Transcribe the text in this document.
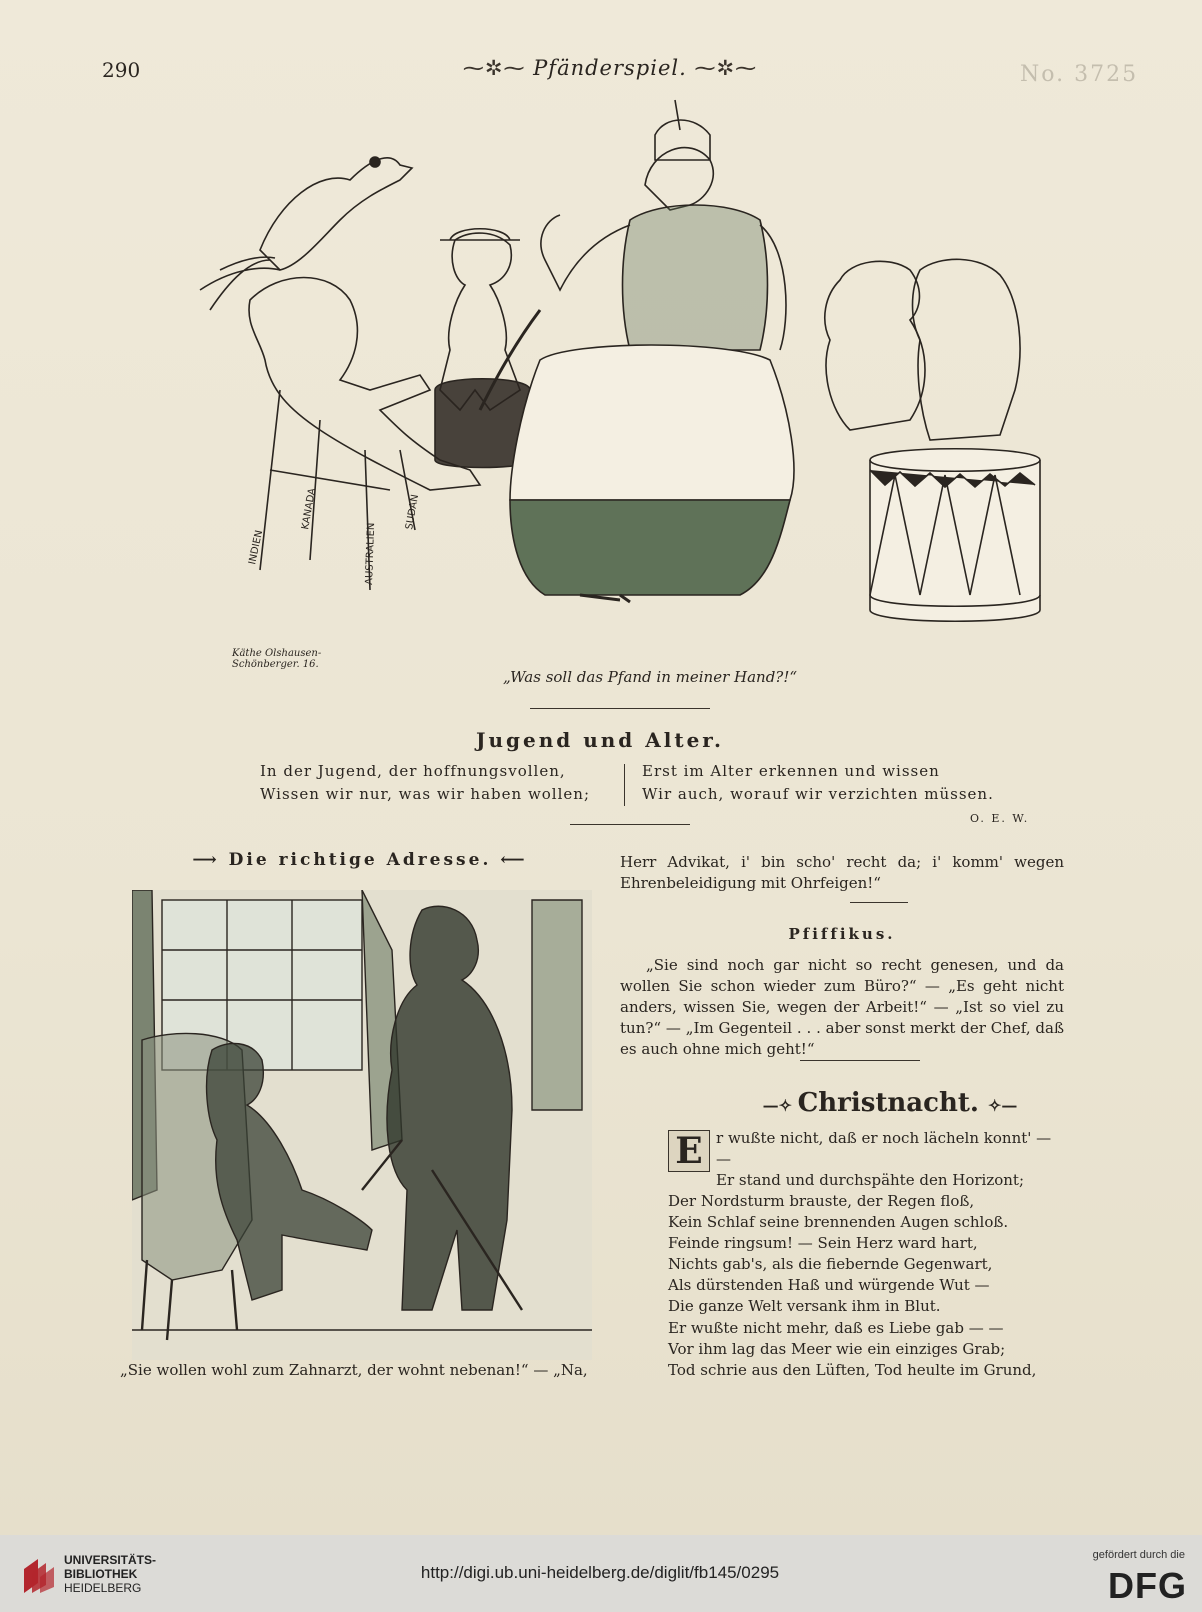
290	⁓✲⁓ Pfänderspiel. ⁓✲⁓	No. 3725
INDIEN
KANADA
AUSTRALIEN
SUDAN
Käthe Olshausen-
Schönberger. 16.
„Was soll das Pfand in meiner Hand?!“
Jugend und Alter.
In der Jugend, der hoffnungsvollen,
Wissen wir nur, was wir haben wollen;
Erst im Alter erkennen und wissen
Wir auch, worauf wir verzichten müssen.
O. E. W.
⟶ Die richtige Adresse. ⟵
„Sie wollen wohl zum Zahnarzt, der wohnt nebenan!“ — „Na,
Herr Advikat, i' bin scho' recht da; i' komm' wegen Ehrenbeleidigung mit Ohrfeigen!“
Pfiffikus.
„Sie sind noch gar nicht so recht genesen, und da wollen Sie schon wieder zum Büro?“ — „Es geht nicht anders, wissen Sie, wegen der Arbeit!“ — „Ist so viel zu tun?“ — „Im Gegenteil . . . aber sonst merkt der Chef, daß es auch ohne mich geht!“
—✧ Christnacht. ✧—
E r wußte nicht, daß er noch lächeln konnt' — —
Er stand und durchspähte den Horizont;
Der Nordsturm brauste, der Regen floß,
Kein Schlaf seine brennenden Augen schloß.
Feinde ringsum! — Sein Herz ward hart,
Nichts gab's, als die fiebernde Gegenwart,
Als dürstenden Haß und würgende Wut —
Die ganze Welt versank ihm in Blut.
Er wußte nicht mehr, daß es Liebe gab — —
Vor ihm lag das Meer wie ein einziges Grab;
Tod schrie aus den Lüften, Tod heulte im Grund,
UNIVERSITÄTS-
BIBLIOTHEK
HEIDELBERG
http://digi.ub.uni-heidelberg.de/diglit/fb145/0295
gefördert durch die
DFG
